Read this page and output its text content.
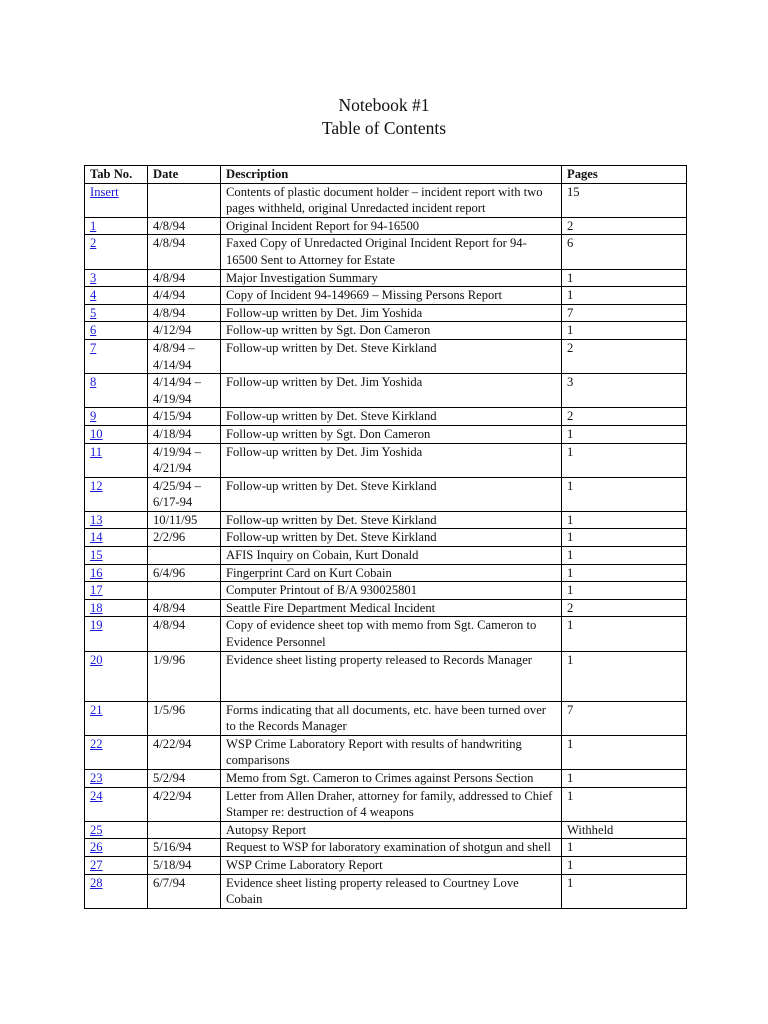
Notebook #1
Table of Contents
Tab No.	Date	Description	Pages
Insert		Contents of plastic document holder – incident report with two pages withheld, original Unredacted incident report	15
1	4/8/94	Original Incident Report for 94-16500	2
2	4/8/94	Faxed Copy of Unredacted Original Incident Report for 94-16500 Sent to Attorney for Estate	6
3	4/8/94	Major Investigation Summary	1
4	4/4/94	Copy of Incident 94-149669 – Missing Persons Report	1
5	4/8/94	Follow-up written by Det. Jim Yoshida	7
6	4/12/94	Follow-up written by Sgt. Don Cameron	1
7	4/8/94 – 4/14/94	Follow-up written by Det. Steve Kirkland	2
8	4/14/94 – 4/19/94	Follow-up written by Det. Jim Yoshida	3
9	4/15/94	Follow-up written by Det. Steve Kirkland	2
10	4/18/94	Follow-up written by Sgt. Don Cameron	1
11	4/19/94 – 4/21/94	Follow-up written by Det. Jim Yoshida	1
12	4/25/94 – 6/17-94	Follow-up written by Det. Steve Kirkland	1
13	10/11/95	Follow-up written by Det. Steve Kirkland	1
14	2/2/96	Follow-up written by Det. Steve Kirkland	1
15		AFIS Inquiry on Cobain, Kurt Donald	1
16	6/4/96	Fingerprint Card on Kurt Cobain	1
17		Computer Printout of B/A 930025801	1
18	4/8/94	Seattle Fire Department Medical Incident	2
19	4/8/94	Copy of evidence sheet top with memo from Sgt. Cameron to Evidence Personnel	1
20	1/9/96	Evidence sheet listing property released to Records Manager	1
21	1/5/96	Forms indicating that all documents, etc. have been turned over to the Records Manager	7
22	4/22/94	WSP Crime Laboratory Report with results of handwriting comparisons	1
23	5/2/94	Memo from Sgt. Cameron to Crimes against Persons Section	1
24	4/22/94	Letter from Allen Draher, attorney for family, addressed to Chief Stamper re: destruction of 4 weapons	1
25		Autopsy Report	Withheld
26	5/16/94	Request to WSP for laboratory examination of shotgun and shell	1
27	5/18/94	WSP Crime Laboratory Report	1
28	6/7/94	Evidence sheet listing property released to Courtney Love Cobain	1
